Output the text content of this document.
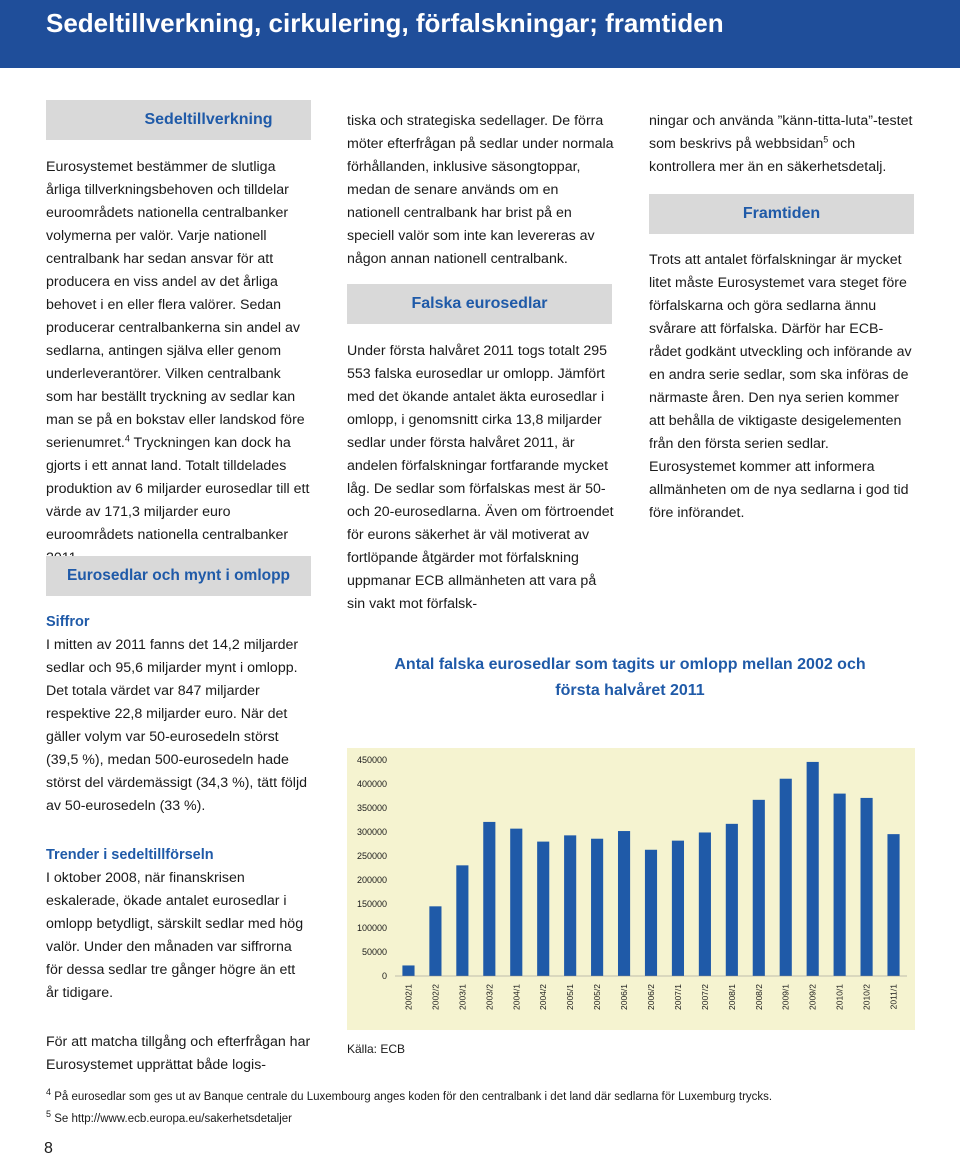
Sedeltillverkning, cirkulering, förfalskningar; framtiden
Sedeltillverkning

Eurosystemet bestämmer de slutliga årliga tillverkningsbehoven och tilldelar euroområdets nationella centralbanker volymerna per valör. Varje nationell centralbank har sedan ansvar för att producera en viss andel av det årliga behovet i en eller flera valörer. Sedan producerar centralbankerna sin andel av sedlarna, antingen själva eller genom underleverantörer. Vilken centralbank som har beställt tryckning av sedlar kan man se på en bokstav eller landskod före serienumret.$^4$ Tryckningen kan dock ha gjorts i ett annat land. Totalt tilldelades produktion av 6 miljarder eurosedlar till ett värde av 171,3 miljarder euro euroområdets nationella centralbanker

Eurosedlar och mynt i omlopp

Siffror

I mitten av 2011 fanns det 14,2 miljarder sedlar och 95,6 miljarder mynt i omlopp. Det totala värdet var 847 miljarder respektive 22,8 miljarder euro. När det gäller volym var 50-eurosedeln störst (39,5 %), medan 500-eurosedeln hade störst del värdemässigt (34,3 %), tätt följd av 50-eurosedeln (33 %).

Trender i sedeltillförseln

I oktober 2008, när finanskrisen eskalerade, ökade antalet eurosedlar i omlopp betydligt, särskilt sedlar med hög valör. Under den månaden var siffrorna för dessa sedlar tre gånger högre än ett år tidigare.

För att matcha tillgång och efterfrågan har Eurosystemet upprättat både logis-

tiska och strategiska sedellager. De förra möter efterfrågan på sedlar under normala förhållanden, inklusive säsongtoppar, medan de senare används om en nationell centralbank har brist på en speciell valör som inte kan levereras av någon annan nationell centralbank.

Falska eurosedlar

Under första halvåret 2011 togs totalt 295 553 falska eurosedlar ur omlopp. Jämfört med det ökande antalet äkta eurosedlar i omlopp, i genomsnitt cirka 13,8 miljarder sedlar under första halvåret 2011, är andelen förfalskningar fortfarande mycket låg. De sedlar som förfalskas mest är 50- och 20-eurosedlarna. Även om förtroendet för eurons säkerhet är väl motiverat av fortlöpande åtgärder mot förfalskning uppmanar ECB allmänheten att vara på sin vakt mot förfalsk-

ningar och använda ”känn-titta-luta”-testet som beskrivs på webbsidan$^5$ och kontrollera mer än en säkerhetsdetalj.

Framtiden

Trots att antalet förfalskningar är mycket litet måste Eurosystemet vara steget före förfalskarna och göra sedlarna ännu svårare att förfalska. Därför har ECB-rådet godkänt utveckling och införande av en andra serie sedlar, som ska införas de närmaste åren. Den nya serien kommer att behålla de viktigaste desigelementen från den första serien sedlar. Eurosystemet kommer att informera allmänheten om de nya sedlarna i god tid före införandet.

Antal falska eurosedlar som tagits ur omlopp mellan 2002 och första halvåret 2011
0
50000
100000
150000
200000
250000
300000
350000
400000
450000
2002/1 2002/2 2003/1 2003/2 2004/1 2004/2 2005/1 2005/2 2006/1 2006/2 2007/1 2007/2 2008/1 2008/2 2009/1 2009/2 2010/1 2010/2 2011/1
Källa: ECB

$^4$ På eurosedlar som ges ut av Banque centrale du Luxembourg anges koden för den centralbank i det land där sedlarna för Luxemburg trycks.

$^5$ Se http://www.ecb.europa.eu/sakerhetsdetaljer

8
